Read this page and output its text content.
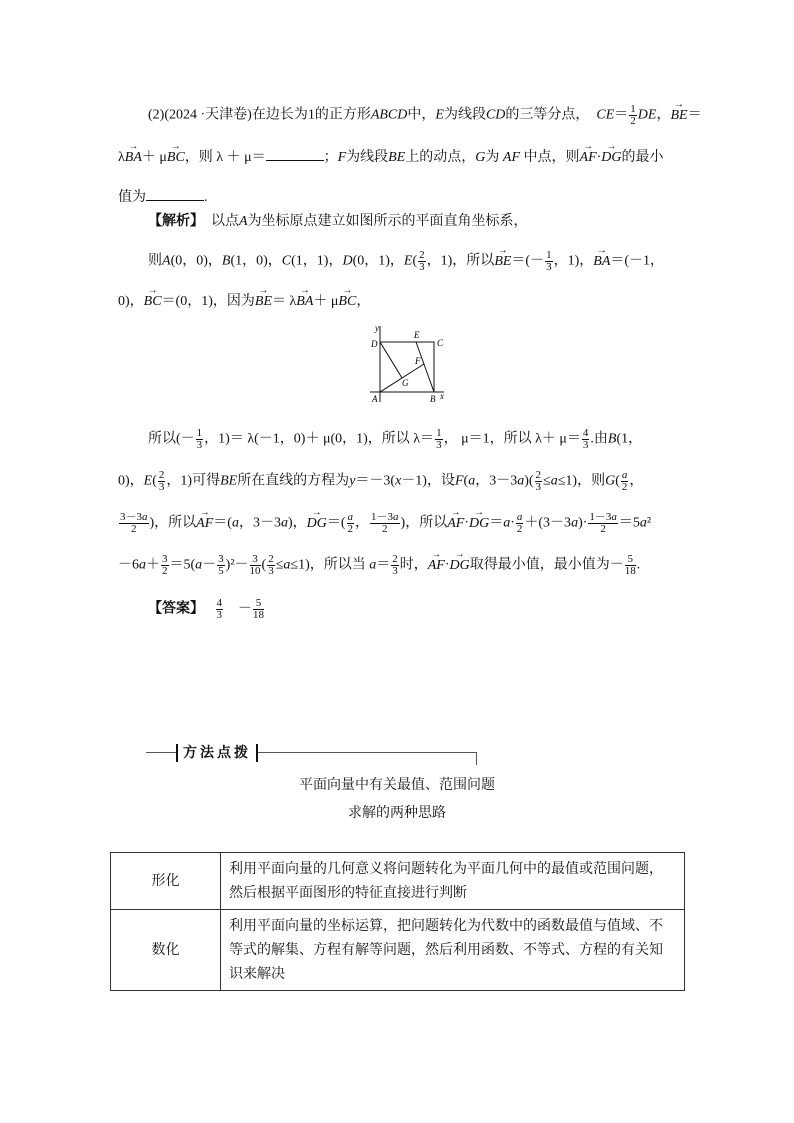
(2)(2024 ·天津卷)在边长为1的正方形ABCD中，E为线段CD的三等分点，  $CE= \frac{1}{2}$ DE，→ BE＝
λ→ BA＋ μ→ BC，则 λ ＋ μ＝	；F为线段BE上的动点，G为 AF 中点，则→ AF·→ DG的最小
值为	.
【解析】  以点A为坐标原点建立如图所示的平面直角坐标系，
则A(0，0)，B(1，0)，C(1，1)，D(0，1)，$E( \frac{2}{3}$ ，1)，所以→ $BE=(- \frac{1}{3}$ ，1)，→ BA＝(－1，
0)，→ BC＝(0，1)，因为→ BE＝ λ→ BA＋ μ→ BC，
y
D
E
C
F
G
A	B x
所以(－ $\frac{1}{3}$ ，1)＝ λ(－1，0)＋ μ(0，1)，所以 $\lambda= \frac{1}{3}$ ， μ＝1，所以 $\lambda+ \mu= \frac{4}{3}$ .由B(1，
0)，$E( \frac{2}{3}$ ，1)可得BE所在直线的方程为y＝－3(x－1)，设F(a，$3-3a)( \frac{2}{3} \le a\le 1)$，则$G( \frac{a}{2}$ ，
$\frac{3-3a}{2}$ )，所以→ AF＝(a，3－3a)，→ $DG=( \frac{a}{2}$ ， $\frac{1-3a}{2}$ )，所以→ $AF\cdot\to DG=a\cdot \frac{a}{2} +(3-3a)\cdot \frac{1-3a}{2} =5a^2$
$-6a+ \frac{3}{2} =5(a- \frac{3}{5} )^2- \frac{3}{10}$ ( $\frac{2}{3} \le a\le 1$)，所以当 $a= \frac{2}{3}$ 时，→ AF·→ DG取得最小值，最小值为－ $\frac{5}{18}$ .
【答案】 $\frac{4}{3} - \frac{5}{18}$
方法点拨
平面向量中有关最值、范围问题
求解的两种思路
形化	利用平面向量的几何意义将问题转化为平面几何中的最值或范围问题，然后根据平面图形的特征直接进行判断
数化	利用平面向量的坐标运算，把问题转化为代数中的函数最值与值域、不等式的解集、方程有解等问题，然后利用函数、不等式、方程的有关知识来解决
